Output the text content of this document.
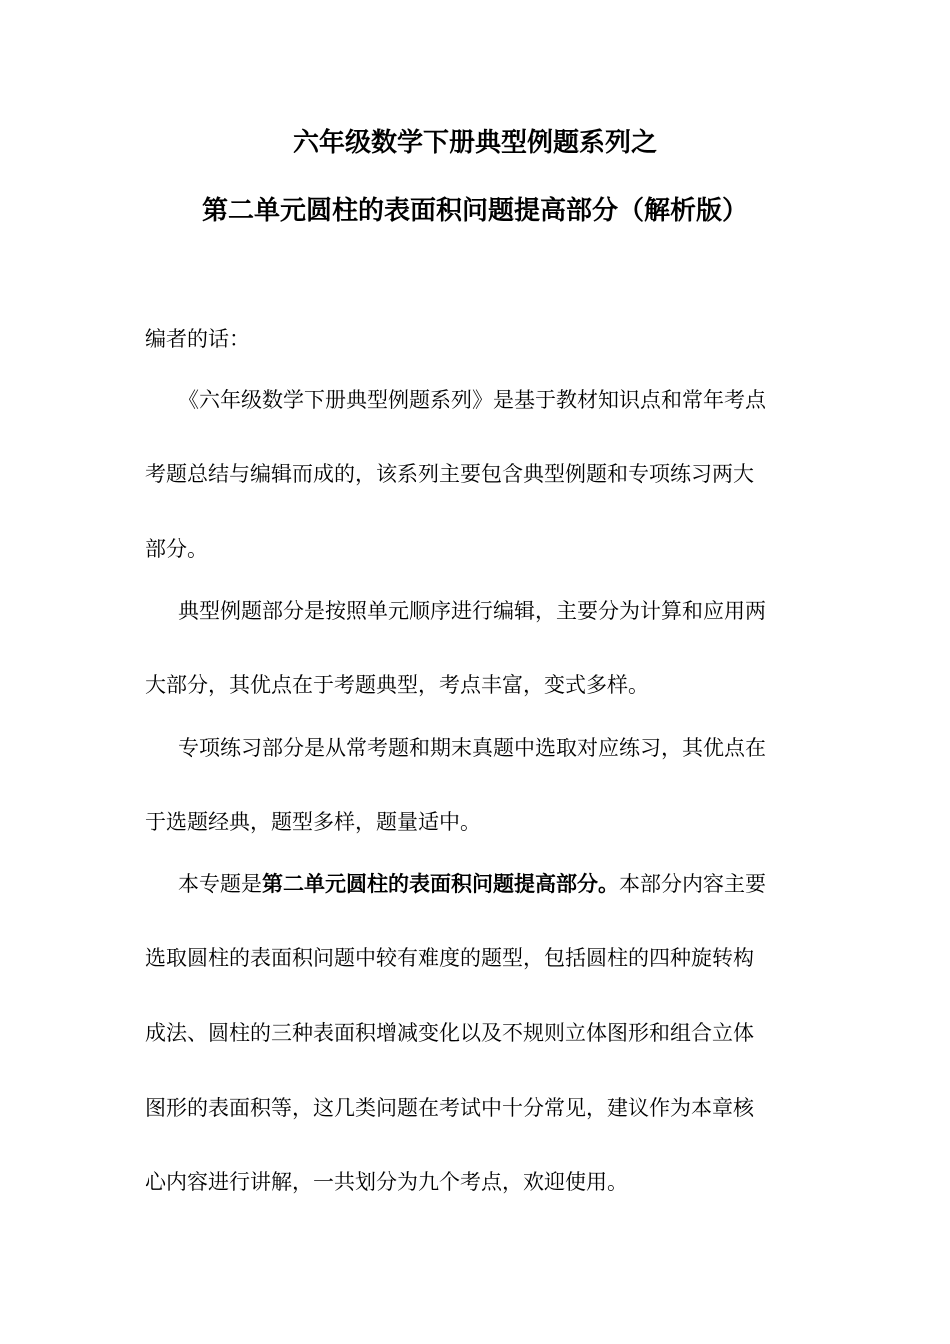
六年级数学下册典型例题系列之
第二单元圆柱的表面积问题提高部分（解析版）
编者的话：
《六年级数学下册典型例题系列》是基于教材知识点和常年考点
考题总结与编辑而成的，该系列主要包含典型例题和专项练习两大
部分。
典型例题部分是按照单元顺序进行编辑，主要分为计算和应用两
大部分，其优点在于考题典型，考点丰富，变式多样。
专项练习部分是从常考题和期末真题中选取对应练习，其优点在
于选题经典，题型多样，题量适中。
本专题是第二单元圆柱的表面积问题提高部分。本部分内容主要
选取圆柱的表面积问题中较有难度的题型，包括圆柱的四种旋转构
成法、圆柱的三种表面积增减变化以及不规则立体图形和组合立体
图形的表面积等，这几类问题在考试中十分常见，建议作为本章核
心内容进行讲解，一共划分为九个考点，欢迎使用。
